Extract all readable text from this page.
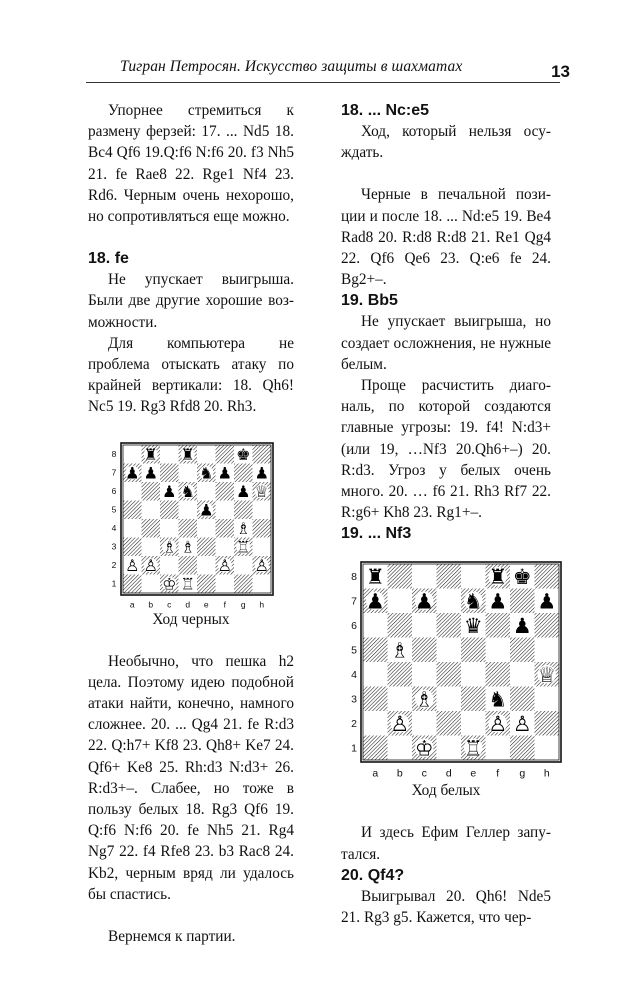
Тигран Петросян. Искусство защиты в шахматах	13

Упорнее стремиться к размену ферзей: 17. ... Nd5 18. Bc4 Qf6 19.Q:f6 N:f6 20. f3 Nh5 21. fe Rae8 22. Rge1 Nf4 23. Rd6. Черным очень нехорошо, но сопротивляться еще можно.

18. fe

Не упускает выигрыша. Были две другие хорошие возможности.

Для компьютера не проблема отыскать атаку по крайней вертикали: 18. Qh6! Nc5 19. Rg3 Rfd8 20. Rh3.

8
7
6
5
4
3
2
1
a b c d e f g h
♜ ♜	♚
♟ ♟	♞ ♟ ♟
♟ ♞	♟ ♕
♟
♗
♗ ♗	♖
♙ ♙	♙ ♙
♔ ♖

Ход черных

Необычно, что пешка h2 цела. Поэтому идею подобной атаки найти, конечно, намного сложнее. 20. ... Qg4 21. fe R:d3 22. Q:h7+ Kf8 23. Qh8+ Ke7 24. Qf6+ Ke8 25. Rh:d3 N:d3+ 26. R:d3+–. Слабее, но тоже в пользу белых 18. Rg3 Qf6 19. Q:f6 N:f6 20. fe Nh5 21. Rg4 Ng7 22. f4 Rfe8 23. b3 Rac8 24. Kb2, черным вряд ли удалось бы спастись.

Вернемся к партии.

18. ... Nc:e5

Ход, который нельзя осуждать.

Черные в печальной позиции и после 18. ... Nd:e5 19. Be4 Rad8 20. R:d8 R:d8 21. Re1 Qg4 22. Qf6 Qe6 23. Q:e6 fe 24. Bg2+–.

19. Bb5

Не упускает выигрыша, но создает осложнения, не нужные белым.

Проще расчистить диагональ, по которой создаются главные угрозы: 19. f4! N:d3+ (или 19, …Nf3 20.Qh6+–) 20. R:d3. Угроз у белых очень много. 20. … f6 21. Rh3 Rf7 22. R:g6+ Kh8 23. Rg1+–.

19. ... Nf3

8
7
6
5
4
3
2
1
a b c d e f g h
♜	♜ ♚
♟ ♟ ♞ ♟ ♟
♛ ♟
♗
♕
♗	♞
♙	♙ ♙
♔ ♖

Ход белых

И здесь Ефим Геллер запутался.

20. Qf4?

Выигрывал 20. Qh6! Nde5 21. Rg3 g5. Кажется, что чер-
